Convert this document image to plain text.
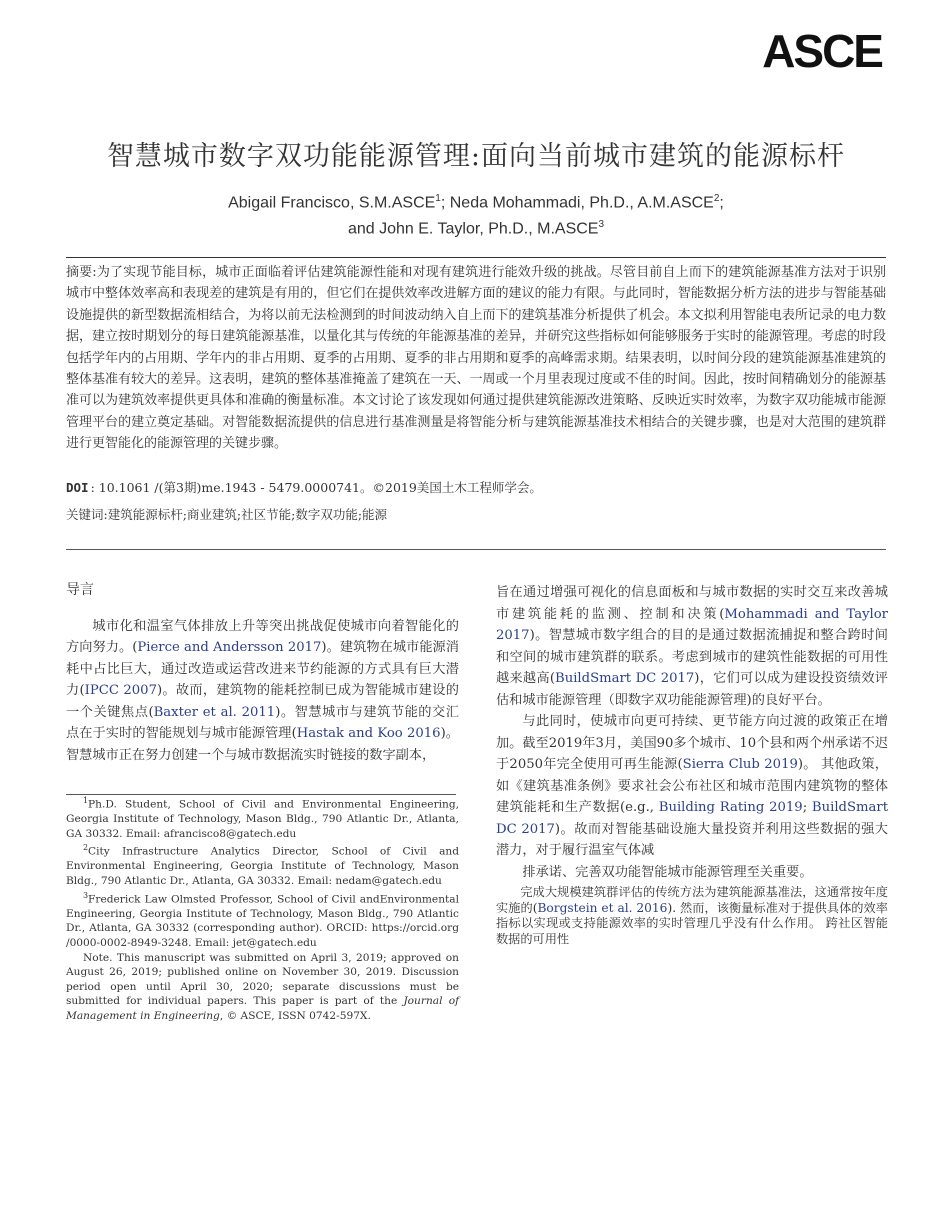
ASCE
智慧城市数字双功能能源管理:面向当前城市建筑的能源标杆
Abigail Francisco, S.M.ASCE$^1$; Neda Mohammadi, Ph.D., A.M.ASCE$^2$;
and John E. Taylor, Ph.D., M.ASCE$^3$
摘要:为了实现节能目标，城市正面临着评估建筑能源性能和对现有建筑进行能效升级的挑战。尽管目前自上而下的建筑能源基准方法对于识别城市中整体效率高和表现差的建筑是有用的，但它们在提供效率改进解方面的建议的能力有限。与此同时，智能数据分析方法的进步与智能基础设施提供的新型数据流相结合，为将以前无法检测到的时间波动纳入自上而下的建筑基准分析提供了机会。本文拟利用智能电表所记录的电力数据，建立按时期划分的每日建筑能源基准，以量化其与传统的年能源基准的差异，并研究这些指标如何能够服务于实时的能源管理。考虑的时段包括学年内的占用期、学年内的非占用期、夏季的占用期、夏季的非占用期和夏季的高峰需求期。结果表明，以时间分段的建筑能源基准建筑的整体基准有较大的差异。这表明，建筑的整体基准掩盖了建筑在一天、一周或一个月里表现过度或不佳的时间。因此，按时间精确划分的能源基准可以为建筑效率提供更具体和准确的衡量标准。本文讨论了该发现如何通过提供建筑能源改进策略、反映近实时效率，为数字双功能城市能源管理平台的建立奠定基础。对智能数据流提供的信息进行基准测量是将智能分析与建筑能源基准技术相结合的关键步骤，也是对大范围的建筑群进行更智能化的能源管理的关键步骤。
DOI : 10.1061 /(第3期)me.1943 - 5479.0000741。©2019美国土木工程师学会。
关键词:建筑能源标杆;商业建筑;社区节能;数字双功能;能源
导言

城市化和温室气体排放上升等突出挑战促使城市向着智能化的方向努力。(Pierce and Andersson 2017)。建筑物在城市能源消耗中占比巨大，通过改造或运营改进来节约能源的方式具有巨大潜力(IPCC 2007)。故而，建筑物的能耗控制已成为智能城市建设的一个关键焦点(Baxter et al. 2011)。智慧城市与建筑节能的交汇点在于实时的智能规划与城市能源管理(Hastak and Koo 2016)。智慧城市正在努力创建一个与城市数据流实时链接的数字副本，

$^1$Ph.D. Student, School of Civil and Environmental Engineering, Georgia Institute of Technology, Mason Bldg., 790 Atlantic Dr., Atlanta, GA 30332. Email: afrancisco8@gatech.edu

$^2$City Infrastructure Analytics Director, School of Civil and Environmental Engineering, Georgia Institute of Technology, Mason Bldg., 790 Atlantic Dr., Atlanta, GA 30332. Email: nedam@gatech.edu

$^3$Frederick Law Olmsted Professor, School of Civil andEnvironmental Engineering, Georgia Institute of Technology, Mason Bldg., 790 Atlantic Dr., Atlanta, GA 30332 (corresponding author). ORCID: https://orcid.org /0000-0002-8949-3248. Email: jet@gatech.edu

Note. This manuscript was submitted on April 3, 2019; approved on August 26, 2019; published online on November 30, 2019. Discussion period open until April 30, 2020; separate discussions must be submitted for individual papers. This paper is part of the Journal of Management in Engineering, © ASCE, ISSN 0742-597X.

旨在通过增强可视化的信息面板和与城市数据的实时交互来改善城市建筑能耗的监测、控制和决策(Mohammadi and Taylor 2017)。智慧城市数字组合的目的是通过数据流捕捉和整合跨时间和空间的城市建筑群的联系。考虑到城市的建筑性能数据的可用性越来越高(BuildSmart DC 2017)，它们可以成为建设投资绩效评估和城市能源管理（即数字双功能能源管理)的良好平台。

与此同时，使城市向更可持续、更节能方向过渡的政策正在增加。截至2019年3月，美国90多个城市、10个县和两个州承诺不迟于2050年完全使用可再生能源(Sierra Club 2019)。 其他政策，如《建筑基准条例》要求社会公布社区和城市范围内建筑物的整体建筑能耗和生产数据(e.g., Building Rating 2019; BuildSmart DC 2017)。故而对智能基础设施大量投资并利用这些数据的强大潜力，对于履行温室气体减

排承诺、完善双功能智能城市能源管理至关重要。

完成大规模建筑群评估的传统方法为建筑能源基准法，这通常按年度实施的(Borgstein et al. 2016). 然而，该衡量标准对于提供具体的效率指标以实现或支持能源效率的实时管理几乎没有什么作用。 跨社区智能数据的可用性
